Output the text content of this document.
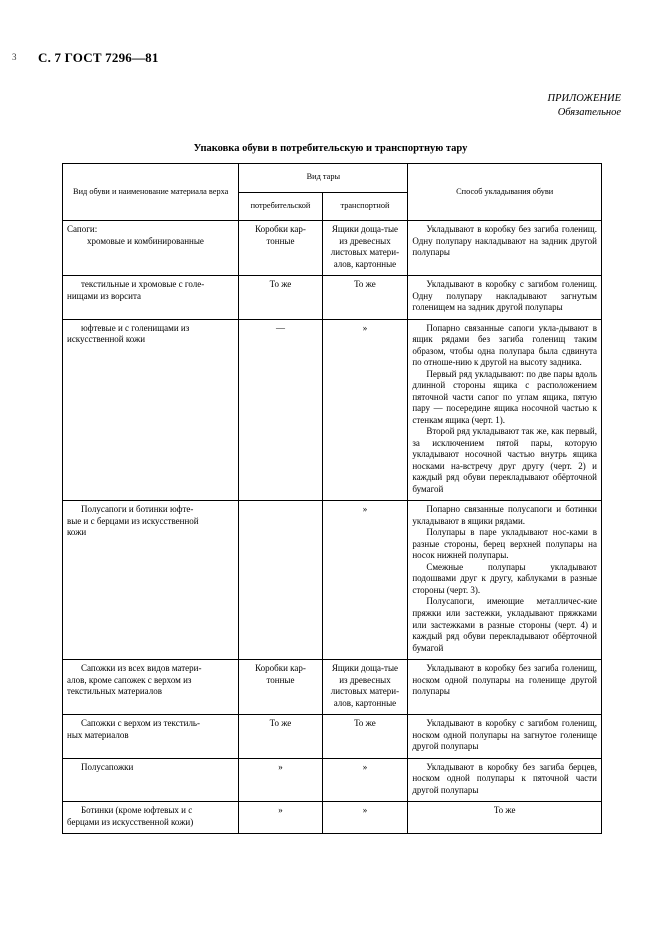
3 С. 7 ГОСТ 7296—81
ПРИЛОЖЕНИЕ
Обязательное
Упаковка обуви в потребительскую и транспортную тару
Вид обуви и наименование материала верха	Вид тары		Способ укладывания обуви
	потребительской	транспортной	

Сапоги:

хромовые и комбинированные	Коробки кар-тонные	Ящики доща-тые из древесных листовых матери-алов, картонные	Укладывают в коробку без загиба голенищ. Одну полупару накладывают на задник другой полупары

текстильные и хромовые с голе-

нищами из ворсита	То же	То же	Укладывают в коробку с загибом голенищ. Одну полупару накладывают загнутым голенищем на задник другой полупары

юфтевые и с голенищами из

искусственной кожи

	—	»	Попарно связанные сапоги укла-дывают в ящик рядами без загиба голенищ таким образом, чтобы одна полупара была сдвинута по отноше-нию к другой на высоту задника.

Первый ряд укладывают: по две пары вдоль длинной стороны ящика с расположением пяточной части сапог по углам ящика, пятую пару — посередине ящика носочной частью к стенкам ящика (черт. 1).

Второй ряд укладывают так же, как первый, за исключением пятой пары, которую укладывают носочной частью внутрь ящика носками на-встречу друг другу (черт. 2) и каждый ряд обуви перекладывают обёрточной бумагой

Полусапоги и ботинки юфте-

вые и с берцами из искусственной

кожи

		»	Попарно связанные полусапоги и ботинки укладывают в ящики рядами.

Полупары в паре укладывают нос-ками в разные стороны, берец верхней полупары на носок нижней полупары.

Смежные полупары укладывают подошвами друг к другу, каблуками в разные стороны (черт. 3).

Полусапоги, имеющие металличес-кие пряжки или застежки, укладывают пряжками или застежками в разные стороны (черт. 4) и каждый ряд обуви перекладывают обёрточной бумагой

Сапожки из всех видов матери-

алов, кроме сапожек с верхом из

текстильных материалов	Коробки кар-тонные	Ящики доща-тые из древесных листовых матери-алов, картонные	Укладывают в коробку без загиба голенищ, носком одной полупары на голенище другой полупары

Сапожки с верхом из текстиль-

ных материалов	То же	То же	Укладывают в коробку с загибом голенищ, носком одной полупары на загнутое голенище другой полупары

Полусапожки	»	»	Укладывают в коробку без загиба берцев, носком одной полупары к пяточной части другой полупары

Ботинки (кроме юфтевых и с

берцами из искусственной кожи)	»	»	То же
